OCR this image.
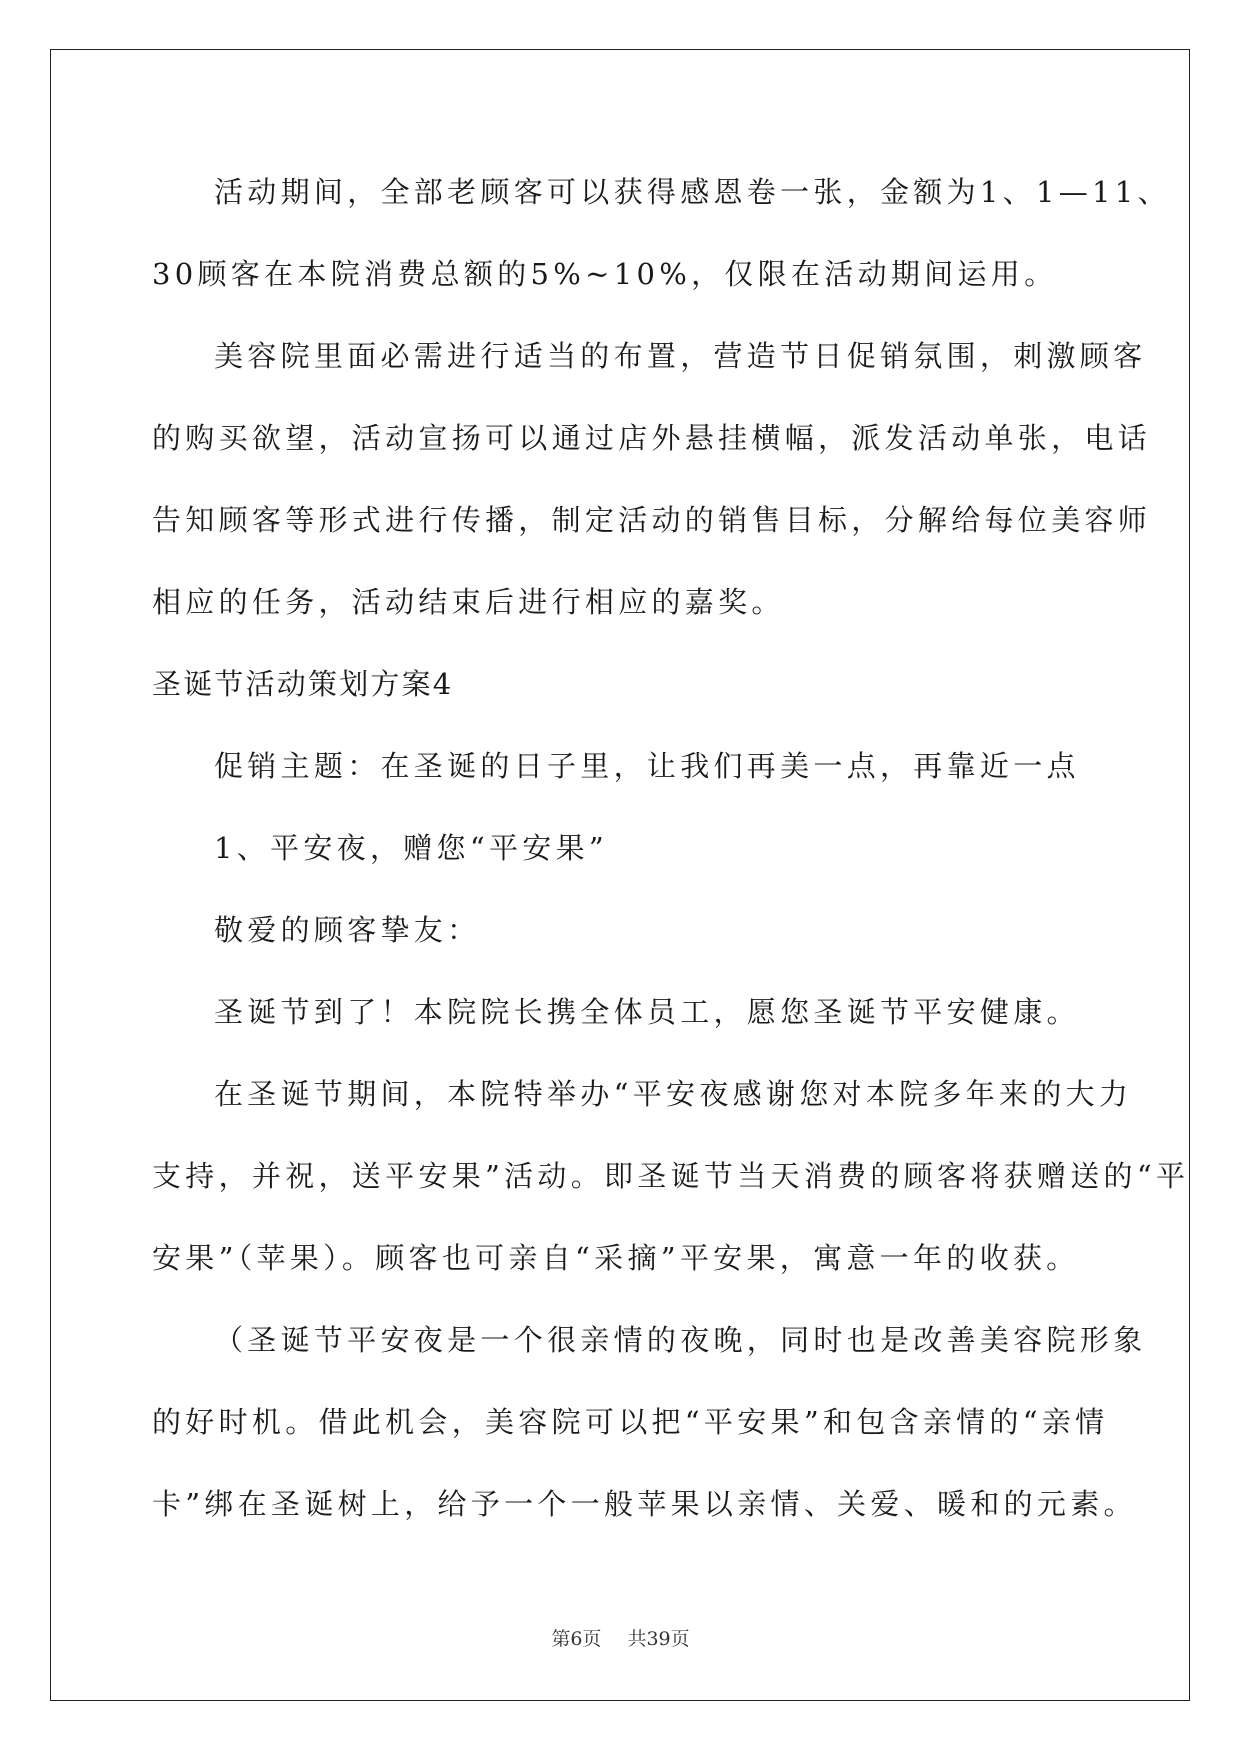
活动期间，全部老顾客可以获得感恩卷一张，金额为1、1—11、
30顾客在本院消费总额的5%~10%，仅限在活动期间运用。
美容院里面必需进行适当的布置，营造节日促销氛围，刺激顾客
的购买欲望，活动宣扬可以通过店外悬挂横幅，派发活动单张，电话
告知顾客等形式进行传播，制定活动的销售目标，分解给每位美容师
相应的任务，活动结束后进行相应的嘉奖。
圣诞节活动策划方案4
促销主题：在圣诞的日子里，让我们再美一点，再靠近一点
1、平安夜，赠您“平安果”
敬爱的顾客挚友：
圣诞节到了！本院院长携全体员工，愿您圣诞节平安健康。
在圣诞节期间，本院特举办“平安夜感谢您对本院多年来的大力
支持，并祝，送平安果”活动。即圣诞节当天消费的顾客将获赠送的“平
安果”（苹果）。顾客也可亲自“采摘”平安果，寓意一年的收获。
（圣诞节平安夜是一个很亲情的夜晚，同时也是改善美容院形象
的好时机。借此机会，美容院可以把“平安果”和包含亲情的“亲情
卡”绑在圣诞树上，给予一个一般苹果以亲情、关爱、暖和的元素。
第6页 共39页
